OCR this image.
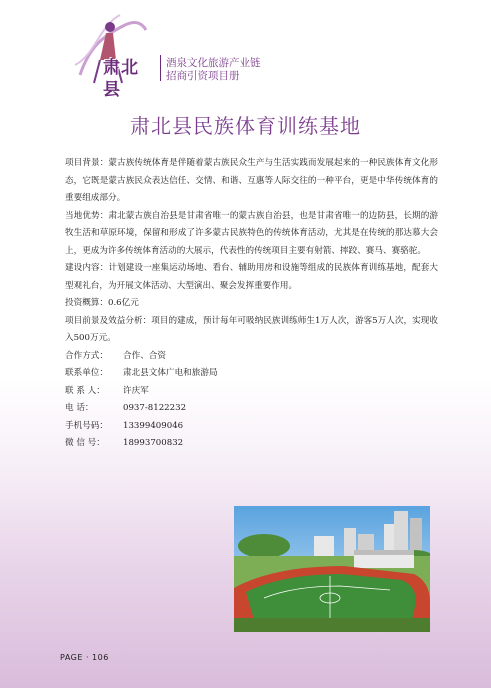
肃北县
酒泉文化旅游产业链
招商引资项目册
肃北县民族体育训练基地

项目背景：蒙古族传统体育是伴随着蒙古族民众生产与生活实践而发展起来的一种民族体育文化形态，它既是蒙古族民众表达信任、交情、和谐、互惠等人际交往的一种平台，更是中华传统体育的重要组成部分。

当地优势：肃北蒙古族自治县是甘肃省唯一的蒙古族自治县，也是甘肃省唯一的边防县，长期的游牧生活和草原环境，保留和形成了许多蒙古民族特色的传统体育活动，尤其是在传统的那达慕大会上，更成为许多传统体育活动的大展示，代表性的传统项目主要有射箭、摔跤、赛马、赛骆驼。

建设内容：计划建设一座集运动场地、看台、辅助用房和设施等组成的民族体育训练基地，配套大型观礼台，为开展文体活动、大型演出、聚会发挥重要作用。

投资概算：0.6亿元

项目前景及效益分析：项目的建成，预计每年可吸纳民族训练师生1万人次，游客5万人次，实现收入500万元。

合作方式： 合作、合资

联系单位： 肃北县文体广电和旅游局

联 系 人： 许庆军

电 话：	0937-8122232

手机号码： 13399409046

微 信 号： 18993700832

PAGE · 106
